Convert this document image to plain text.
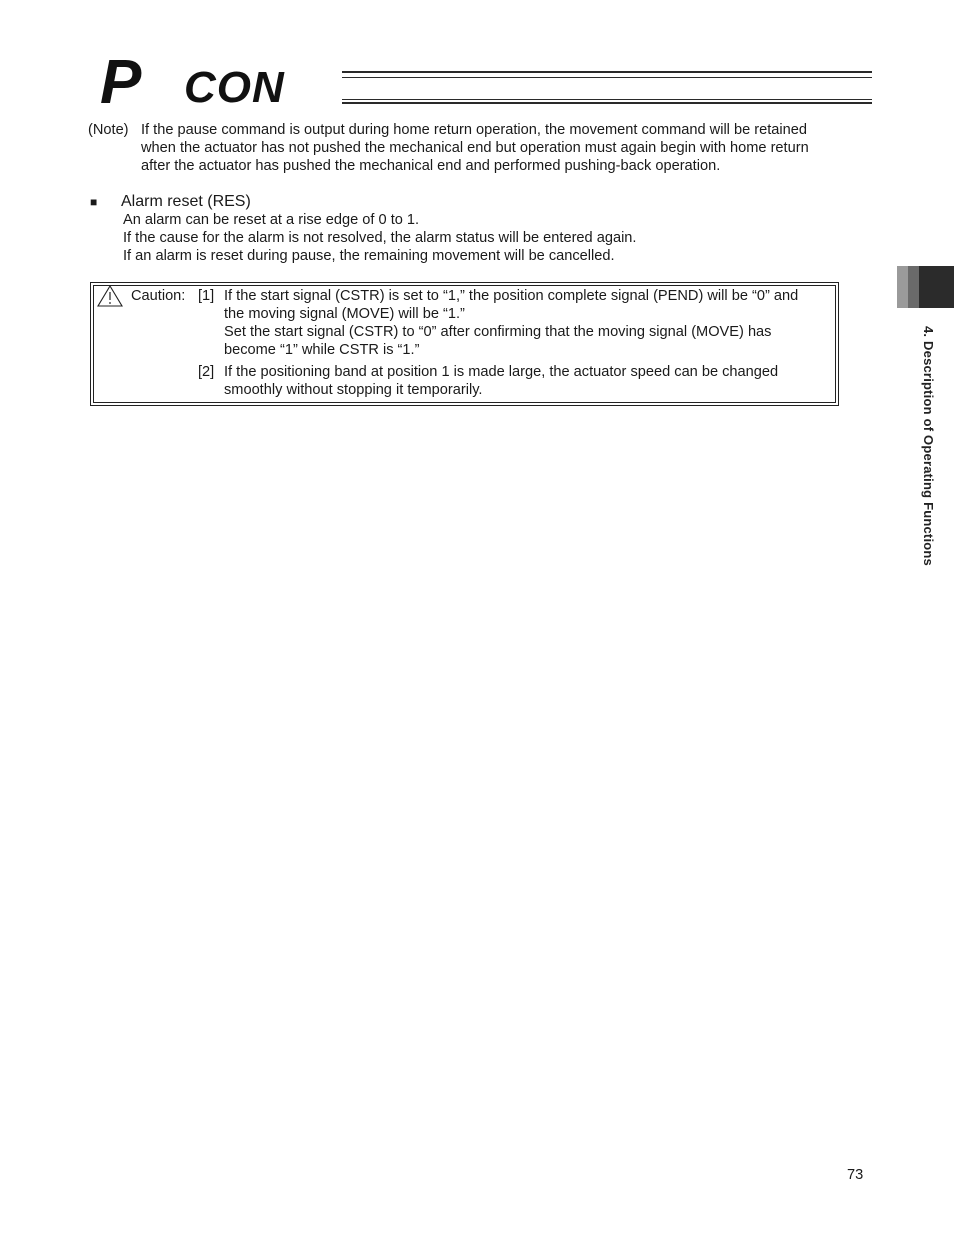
P CON
(Note) If the pause command is output during home return operation, the movement command will be retained
when the actuator has not pushed the mechanical end but operation must again begin with home return
after the actuator has pushed the mechanical end and performed pushing-back operation.
■ Alarm reset (RES)
An alarm can be reset at a rise edge of 0 to 1.
If the cause for the alarm is not resolved, the alarm status will be entered again.
If an alarm is reset during pause, the remaining movement will be cancelled.
Caution: [1] If the start signal (CSTR) is set to “1,” the position complete signal (PEND) will be “0” and
the moving signal (MOVE) will be “1.”
Set the start signal (CSTR) to “0” after confirming that the moving signal (MOVE) has
become “1” while CSTR is “1.”
[2] If the positioning band at position 1 is made large, the actuator speed can be changed
smoothly without stopping it temporarily.	4. Description of Operating Functions
73
